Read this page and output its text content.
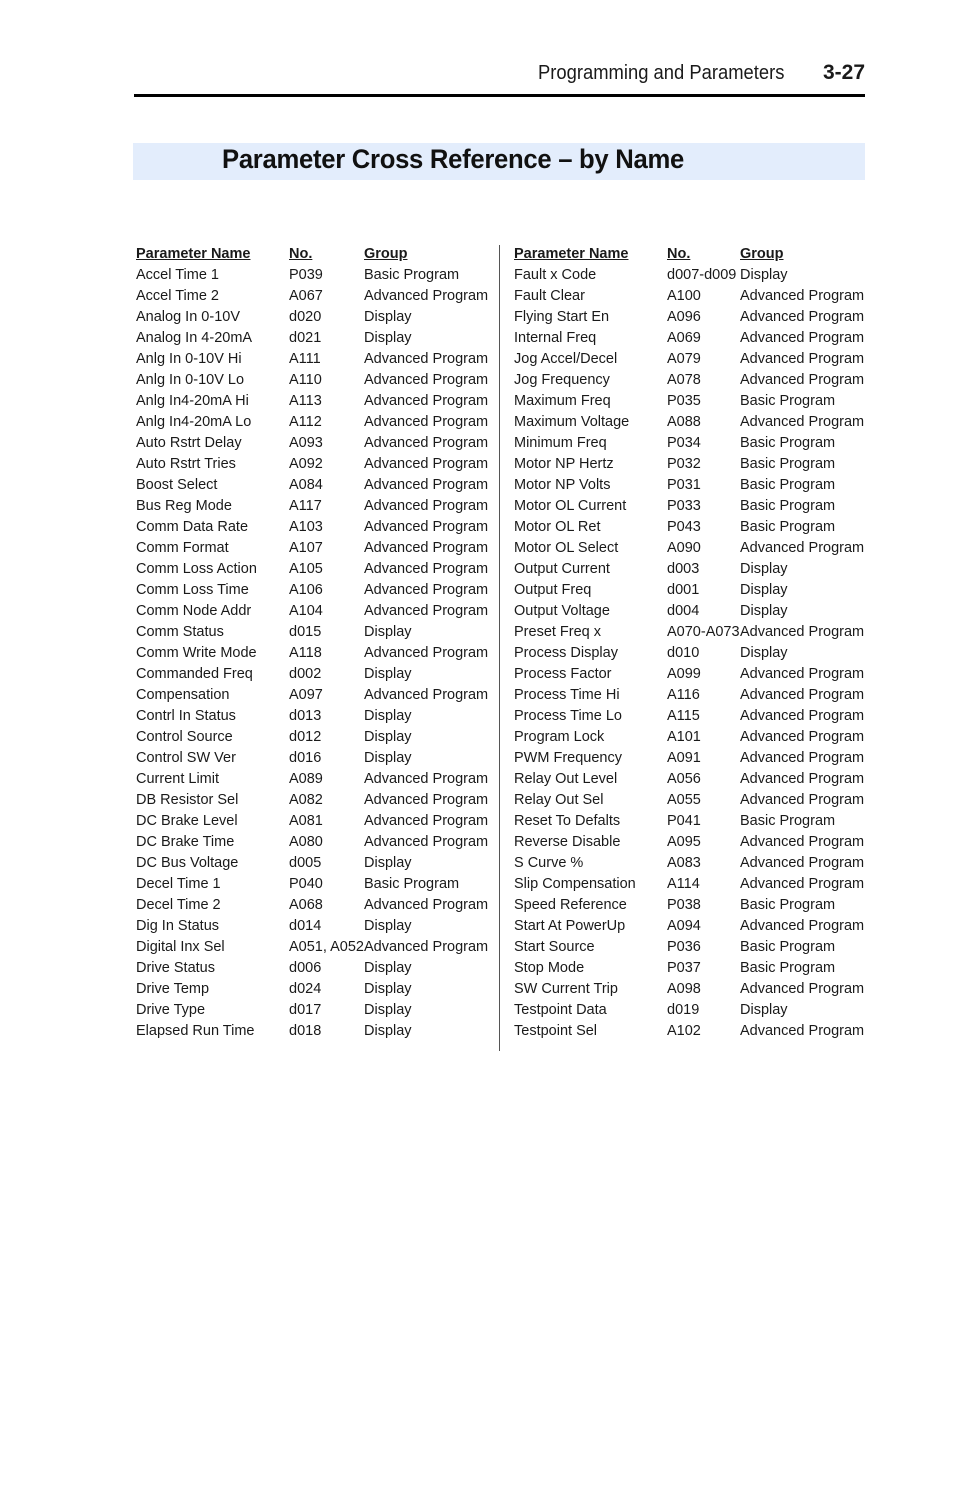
Programming and Parameters 3-27
Parameter Cross Reference – by Name
Parameter Name	No.	Group
Accel Time 1	P039	Basic Program
Accel Time 2	A067	Advanced Program
Analog In 0-10V	d020	Display
Analog In 4-20mA	d021	Display
Anlg In 0-10V Hi	A111	Advanced Program
Anlg In 0-10V Lo	A110	Advanced Program
Anlg In4-20mA Hi	A113	Advanced Program
Anlg In4-20mA Lo	A112	Advanced Program
Auto Rstrt Delay	A093	Advanced Program
Auto Rstrt Tries	A092	Advanced Program
Boost Select	A084	Advanced Program
Bus Reg Mode	A117	Advanced Program
Comm Data Rate	A103	Advanced Program
Comm Format	A107	Advanced Program
Comm Loss Action	A105	Advanced Program
Comm Loss Time	A106	Advanced Program
Comm Node Addr	A104	Advanced Program
Comm Status	d015	Display
Comm Write Mode	A118	Advanced Program
Commanded Freq	d002	Display
Compensation	A097	Advanced Program
Contrl In Status	d013	Display
Control Source	d012	Display
Control SW Ver	d016	Display
Current Limit	A089	Advanced Program
DB Resistor Sel	A082	Advanced Program
DC Brake Level	A081	Advanced Program
DC Brake Time	A080	Advanced Program
DC Bus Voltage	d005	Display
Decel Time 1	P040	Basic Program
Decel Time 2	A068	Advanced Program
Dig In Status	d014	Display
Digital Inx Sel	A051, A052	Advanced Program
Drive Status	d006	Display
Drive Temp	d024	Display
Drive Type	d017	Display
Elapsed Run Time	d018	Display
Parameter Name	No.	Group
Fault x Code	d007-d009	Display
Fault Clear	A100	Advanced Program
Flying Start En	A096	Advanced Program
Internal Freq	A069	Advanced Program
Jog Accel/Decel	A079	Advanced Program
Jog Frequency	A078	Advanced Program
Maximum Freq	P035	Basic Program
Maximum Voltage	A088	Advanced Program
Minimum Freq	P034	Basic Program
Motor NP Hertz	P032	Basic Program
Motor NP Volts	P031	Basic Program
Motor OL Current	P033	Basic Program
Motor OL Ret	P043	Basic Program
Motor OL Select	A090	Advanced Program
Output Current	d003	Display
Output Freq	d001	Display
Output Voltage	d004	Display
Preset Freq x	A070-A073	Advanced Program
Process Display	d010	Display
Process Factor	A099	Advanced Program
Process Time Hi	A116	Advanced Program
Process Time Lo	A115	Advanced Program
Program Lock	A101	Advanced Program
PWM Frequency	A091	Advanced Program
Relay Out Level	A056	Advanced Program
Relay Out Sel	A055	Advanced Program
Reset To Defalts	P041	Basic Program
Reverse Disable	A095	Advanced Program
S Curve %	A083	Advanced Program
Slip Compensation	A114	Advanced Program
Speed Reference	P038	Basic Program
Start At PowerUp	A094	Advanced Program
Start Source	P036	Basic Program
Stop Mode	P037	Basic Program
SW Current Trip	A098	Advanced Program
Testpoint Data	d019	Display
Testpoint Sel	A102	Advanced Program
